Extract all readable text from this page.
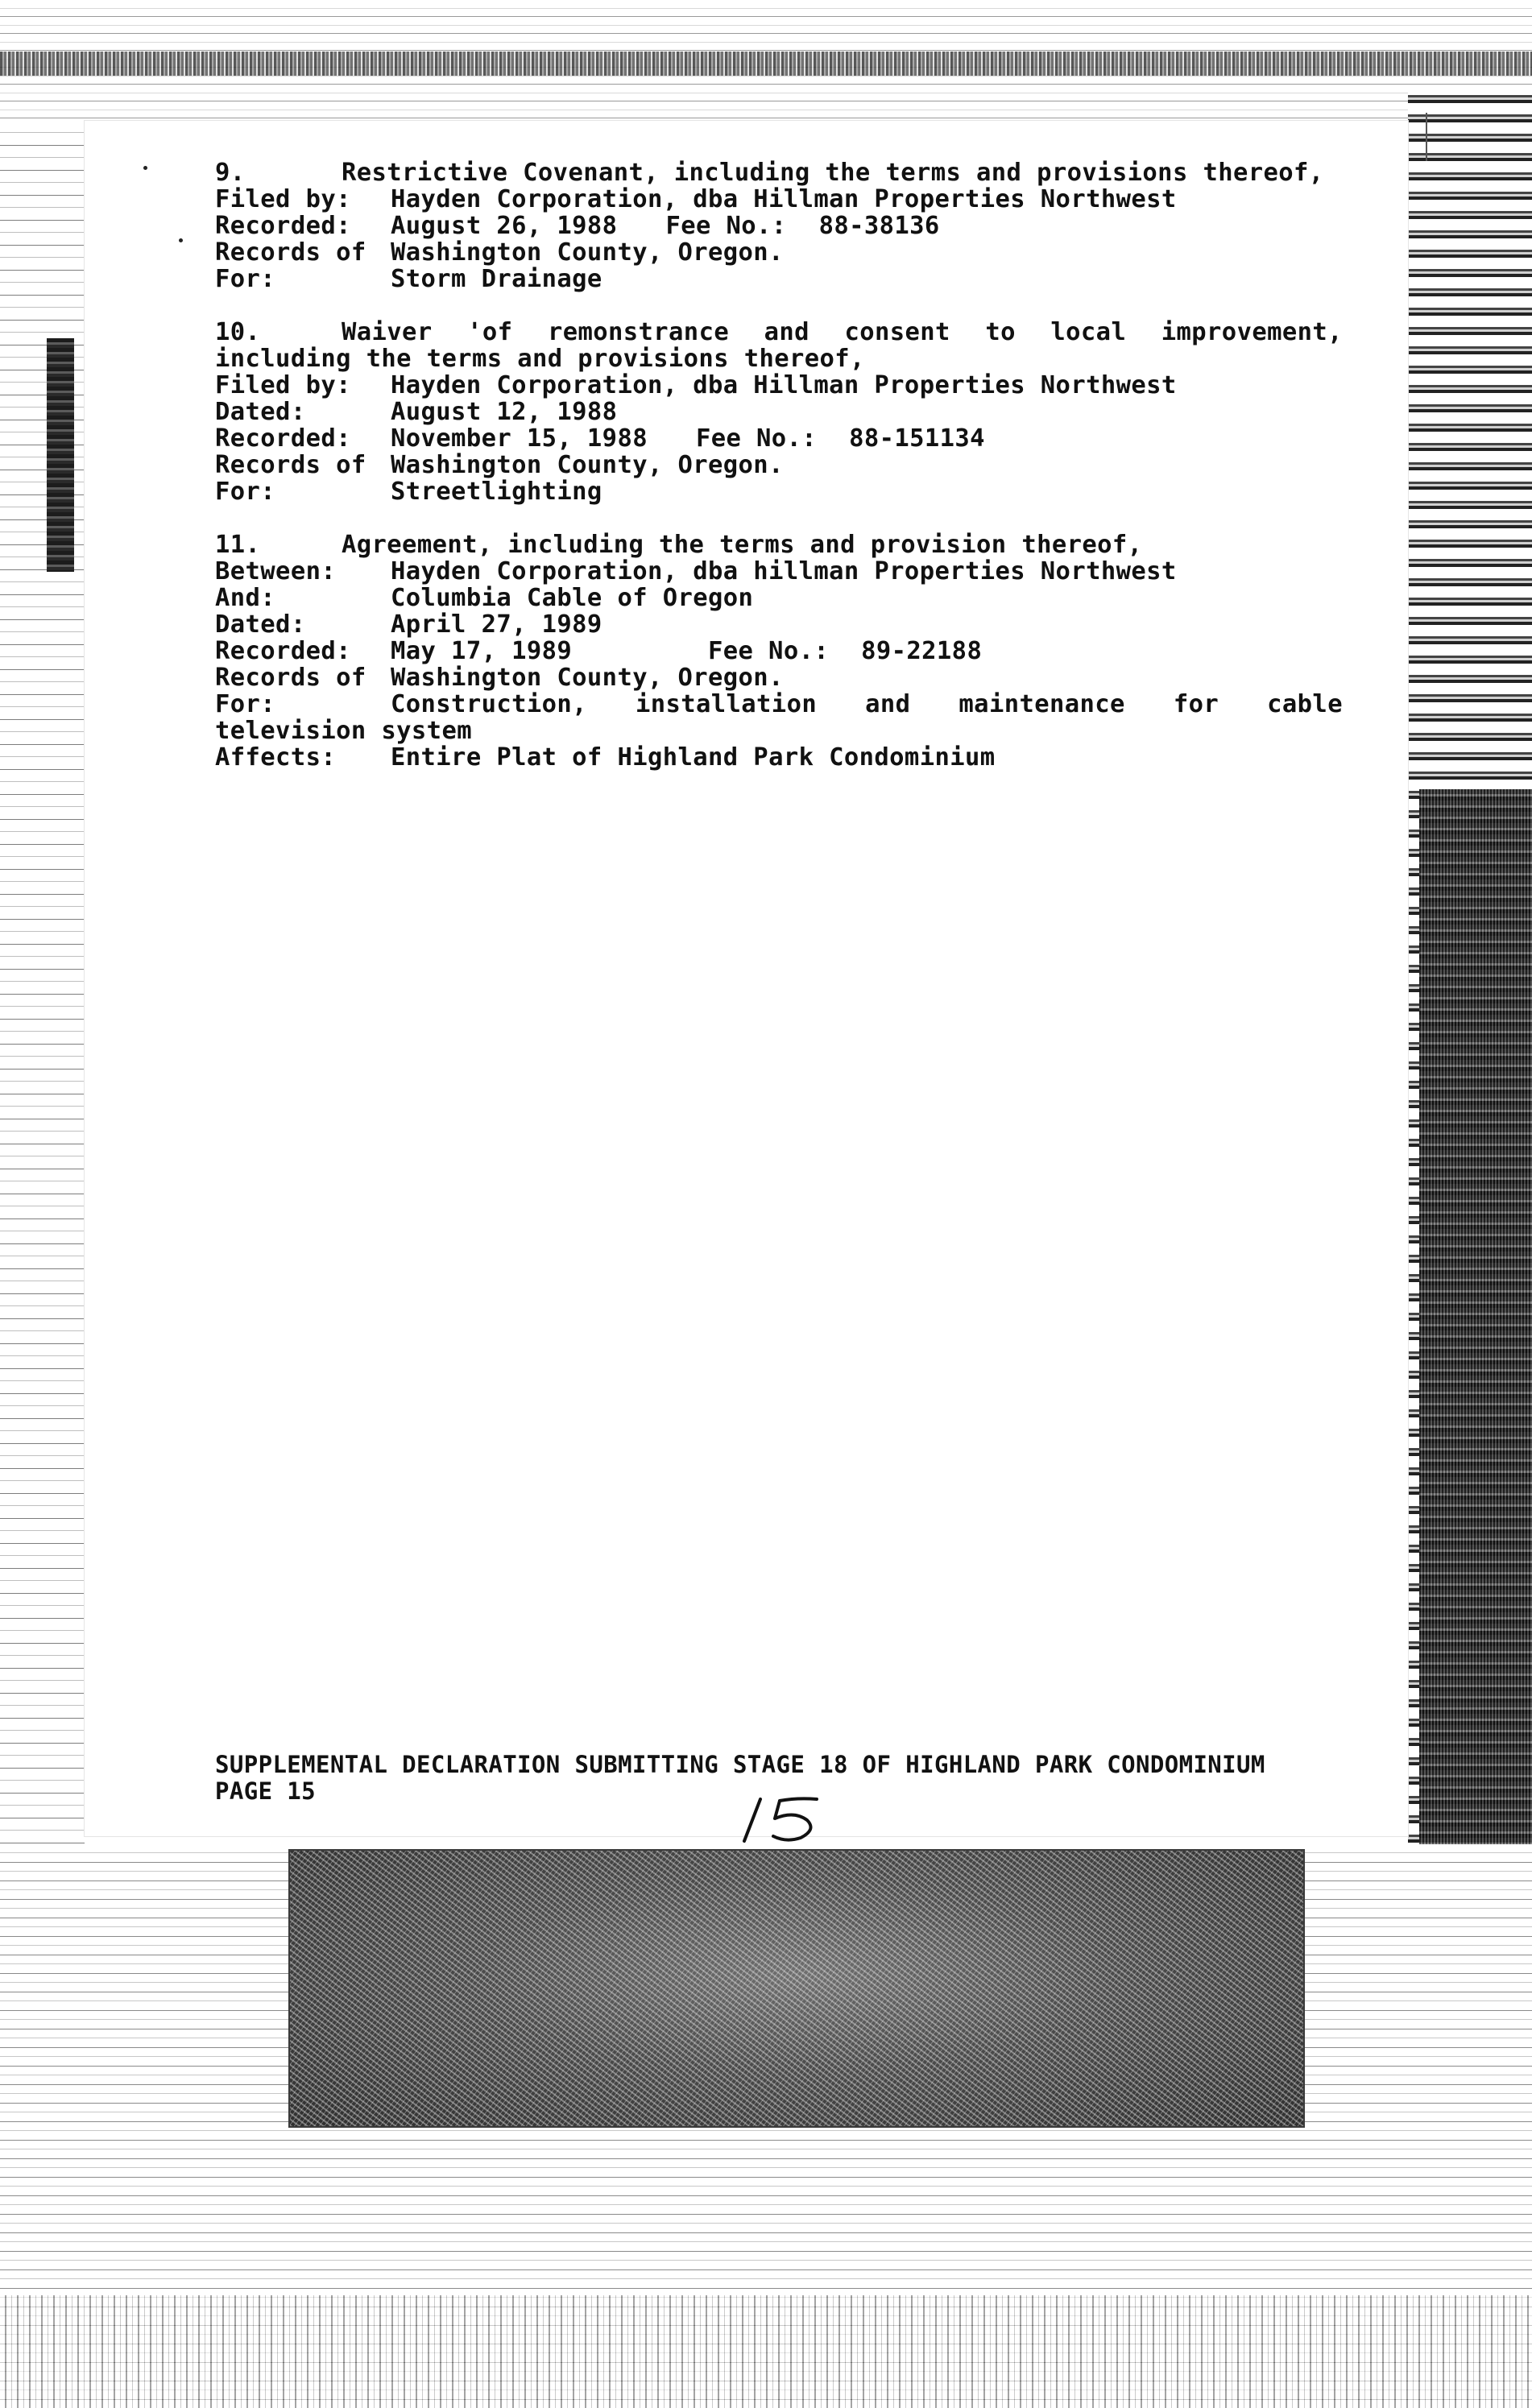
9.	Restrictive Covenant, including the terms and provisions thereof,
Filed by:	Hayden Corporation, dba Hillman Properties Northwest
Recorded:	August 26, 1988 Fee No.: 88-38136
Records of Washington County, Oregon.
For:	Storm Drainage
10.	Waiver 'of remonstrance and consent to local improvement,
including the terms and provisions thereof,
Filed by:	Hayden Corporation, dba Hillman Properties Northwest
Dated:	August 12, 1988
Recorded:	November 15, 1988 Fee No.: 88-151134
Records of Washington County, Oregon.
For:	Streetlighting
11.	Agreement, including the terms and provision thereof,
Between:	Hayden Corporation, dba hillman Properties Northwest
And:	Columbia Cable of Oregon
Dated:	April 27, 1989
Recorded:	May 17, 1989	Fee No.: 89-22188
Records of Washington County, Oregon.
For:	Construction, installation and maintenance for cable
television system
Affects:	Entire Plat of Highland Park Condominium
SUPPLEMENTAL DECLARATION SUBMITTING STAGE 18 OF HIGHLAND PARK CONDOMINIUM
PAGE 15
